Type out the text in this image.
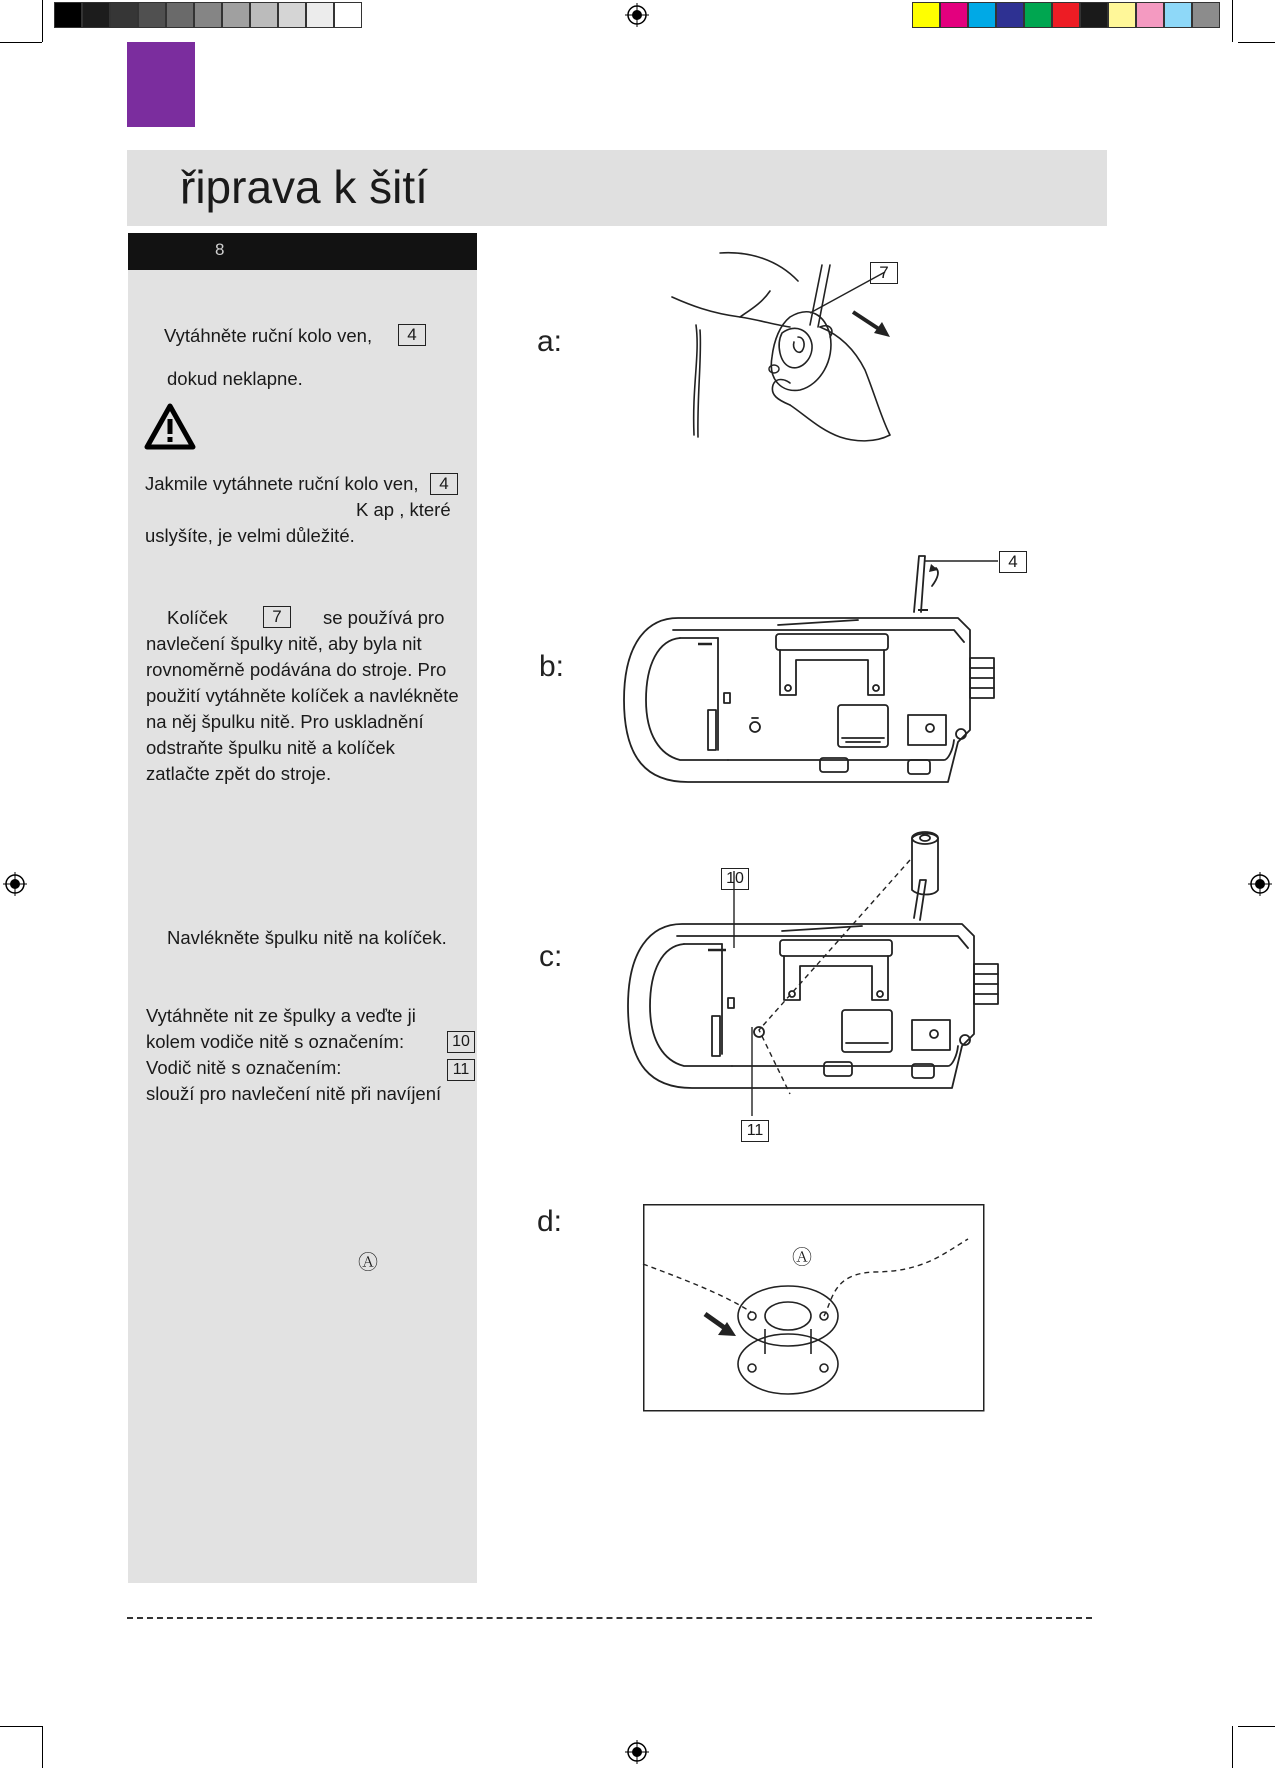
řiprava k šití
8
Vytáhněte ruční kolo ven,	4
dokud neklapne.
Jakmile vytáhnete ruční kolo ven,	4
K ap , které
uslyšíte, je velmi důležité.
Kolíček	7	se používá pro
navlečení špulky nitě, aby byla nit
rovnoměrně podávána do stroje. Pro
použití vytáhněte kolíček a navlékněte
na něj špulku nitě. Pro uskladnění
odstraňte špulku nitě a kolíček
zatlačte zpět do stroje.
Navlékněte špulku nitě na kolíček.
Vytáhněte nit ze špulky a veďte ji
kolem vodiče nitě s označením:	10
Vodič nitě s označením:	11
slouží pro navlečení nitě při navíjení
Ⓐ
a:
b:
c:
d:
7
4
10
11
Ⓐ
